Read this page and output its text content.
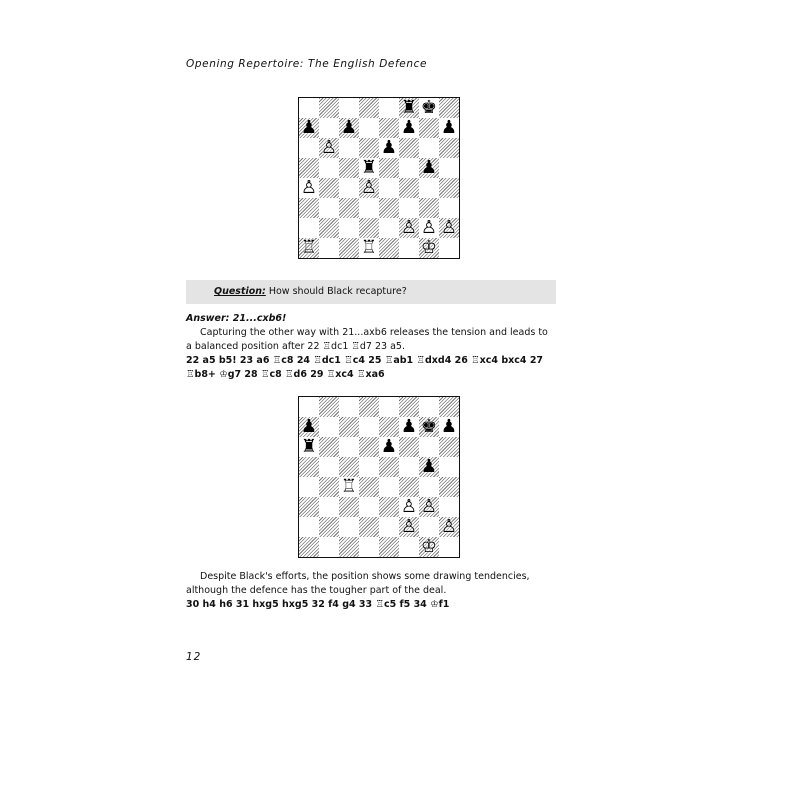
Opening Repertoire: The English Defence
♜ ♚
♟ ♟ ♟ ♟
♙ ♟
♜ ♟
♙ ♙
♙ ♙ ♙
♖ ♖ ♔
Question: How should Black recapture?
Answer: 21...cxb6!
Capturing the other way with 21...axb6 releases the tension and leads to a balanced position after 22 ♖dc1 ♖d7 23 a5.
22 a5 b5! 23 a6 ♖c8 24 ♖dc1 ♖c4 25 ♖ab1 ♖dxd4 26 ♖xc4 bxc4 27 ♖b8+ ♔g7 28 ♖c8 ♖d6 29 ♖xc4 ♖xa6
♟	♟ ♚ ♟
♜	♟
♟
♖
♙ ♙
♙ ♙
♔
Despite Black's efforts, the position shows some drawing tendencies, although the defence has the tougher part of the deal.
30 h4 h6 31 hxg5 hxg5 32 f4 g4 33 ♖c5 f5 34 ♔f1
12
